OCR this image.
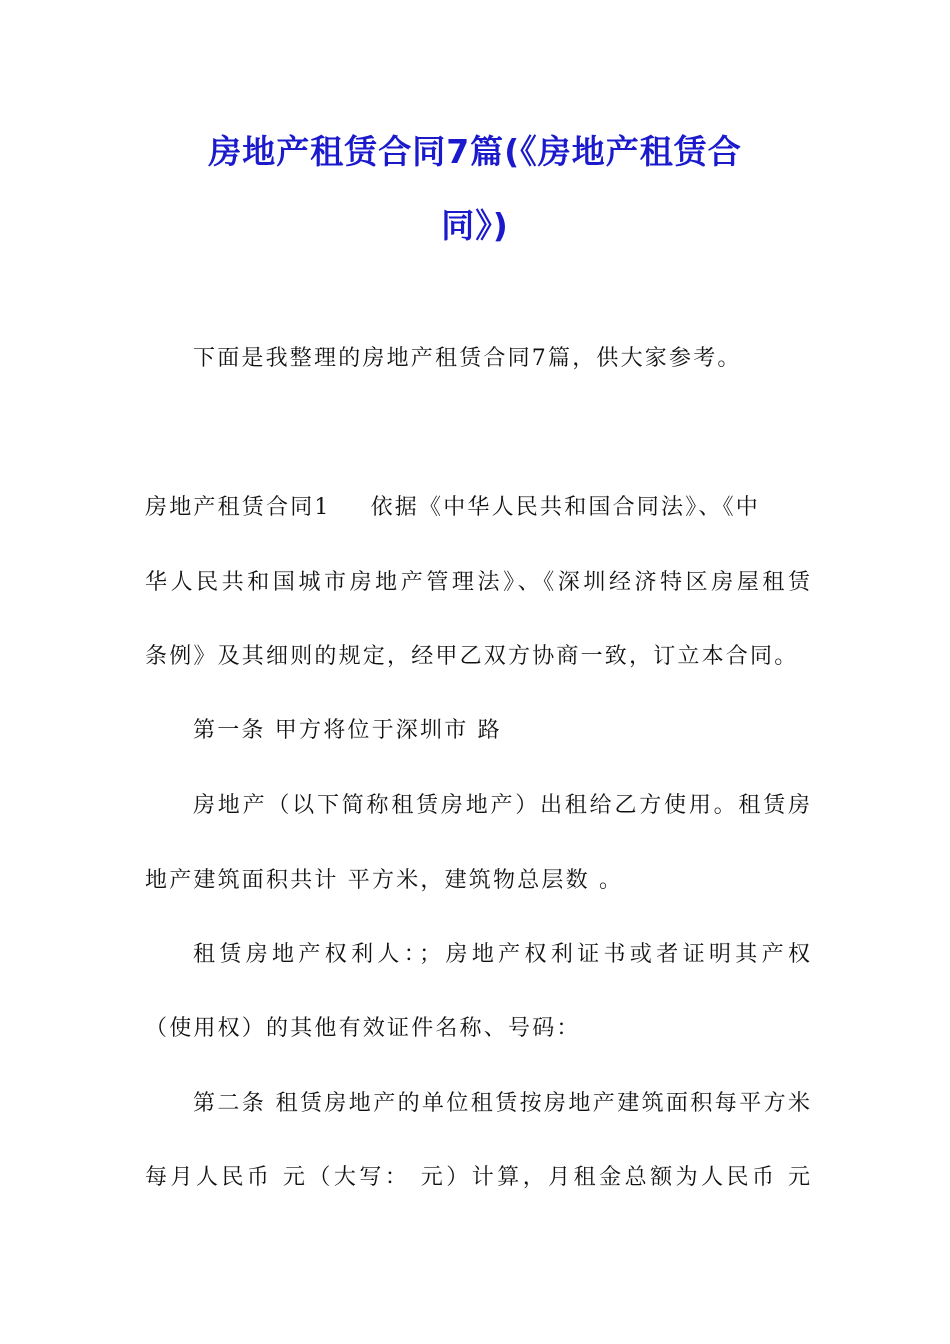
房地产租赁合同7篇(《房地产租赁合
同》)
下面是我整理的房地产租赁合同7篇，供大家参考。
房地产租赁合同1 依据《中华人民共和国合同法》、《中
华人民共和国城市房地产管理法》、《深圳经济特区房屋租赁
条例》及其细则的规定，经甲乙双方协商一致，订立本合同。
第一条 甲方将位于深圳市 路
房地产（以下简称租赁房地产）出租给乙方使用。租赁房
地产建筑面积共计 平方米，建筑物总层数 。
租赁房地产权利人：；房地产权利证书或者证明其产权
（使用权）的其他有效证件名称、号码：
第二条 租赁房地产的单位租赁按房地产建筑面积每平方米
每月人民币 元（大写： 元）计算，月租金总额为人民币 元
